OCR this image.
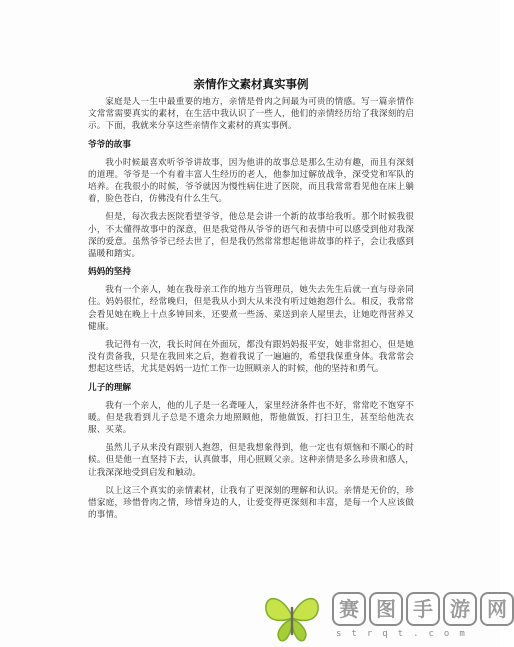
亲情作文素材真实事例

家庭是人一生中最重要的地方，亲情是骨肉之间最为可贵的情感。写一篇亲情作文常常需要真实的素材，在生活中我认识了一些人，他们的亲情经历给了我深刻的启示。下面，我就来分享这些亲情作文素材的真实事例。

爷爷的故事

我小时候最喜欢听爷爷讲故事，因为他讲的故事总是那么生动有趣，而且有深刻的道理。爷爷是一个有着丰富人生经历的老人，他参加过解放战争，深受党和军队的培养。在我很小的时候，爷爷就因为慢性病住进了医院，而且我常常看见他在床上躺着，脸色苍白，仿佛没有什么生气。

但是，每次我去医院看望爷爷，他总是会讲一个新的故事给我听。那个时候我很小，不太懂得故事中的深意，但是我觉得从爷爷的语气和表情中可以感受到他对我深深的爱意。虽然爷爷已经去世了，但是我仍然常常想起他讲故事的样子，会让我感到温暖和踏实。

妈妈的坚持

我有一个亲人，她在我母亲工作的地方当管理员，她失去先生后就一直与母亲同住。妈妈很忙，经常晚归，但是我从小到大从来没有听过她抱怨什么。相反，我常常会看见她在晚上十点多钟回来，还要煮一些汤、菜送到亲人屋里去，让她吃得营养又健康。

我记得有一次，我长时间在外面玩，都没有跟妈妈报平安，她非常担心，但是她没有责备我，只是在我回来之后，抱着我说了一遍遍的，希望我保重身体。我常常会想起这些话，尤其是妈妈一边忙工作一边照顾亲人的时候，他的坚持和勇气。

儿子的理解

我有一个亲人，他的儿子是一名聋哑人，家里经济条件也不好，常常吃不饱穿不暖。但是我看到儿子总是不遗余力地照顾他，帮他做饭，打扫卫生，甚至给他洗衣服、买菜。

虽然儿子从来没有跟别人抱怨，但是我想象得到，他一定也有烦恼和不顺心的时候。但是他一直坚持下去，认真做事，用心照顾父亲。这种亲情是多么珍贵和感人，让我深深地受到启发和触动。

以上这三个真实的亲情素材，让我有了更深刻的理解和认识。亲情是无价的，珍惜家庭，珍惜骨肉之情，珍惜身边的人，让爱变得更深刻和丰富，是每一个人应该做的事情。

赛 图 手 游 网
strqt.com
